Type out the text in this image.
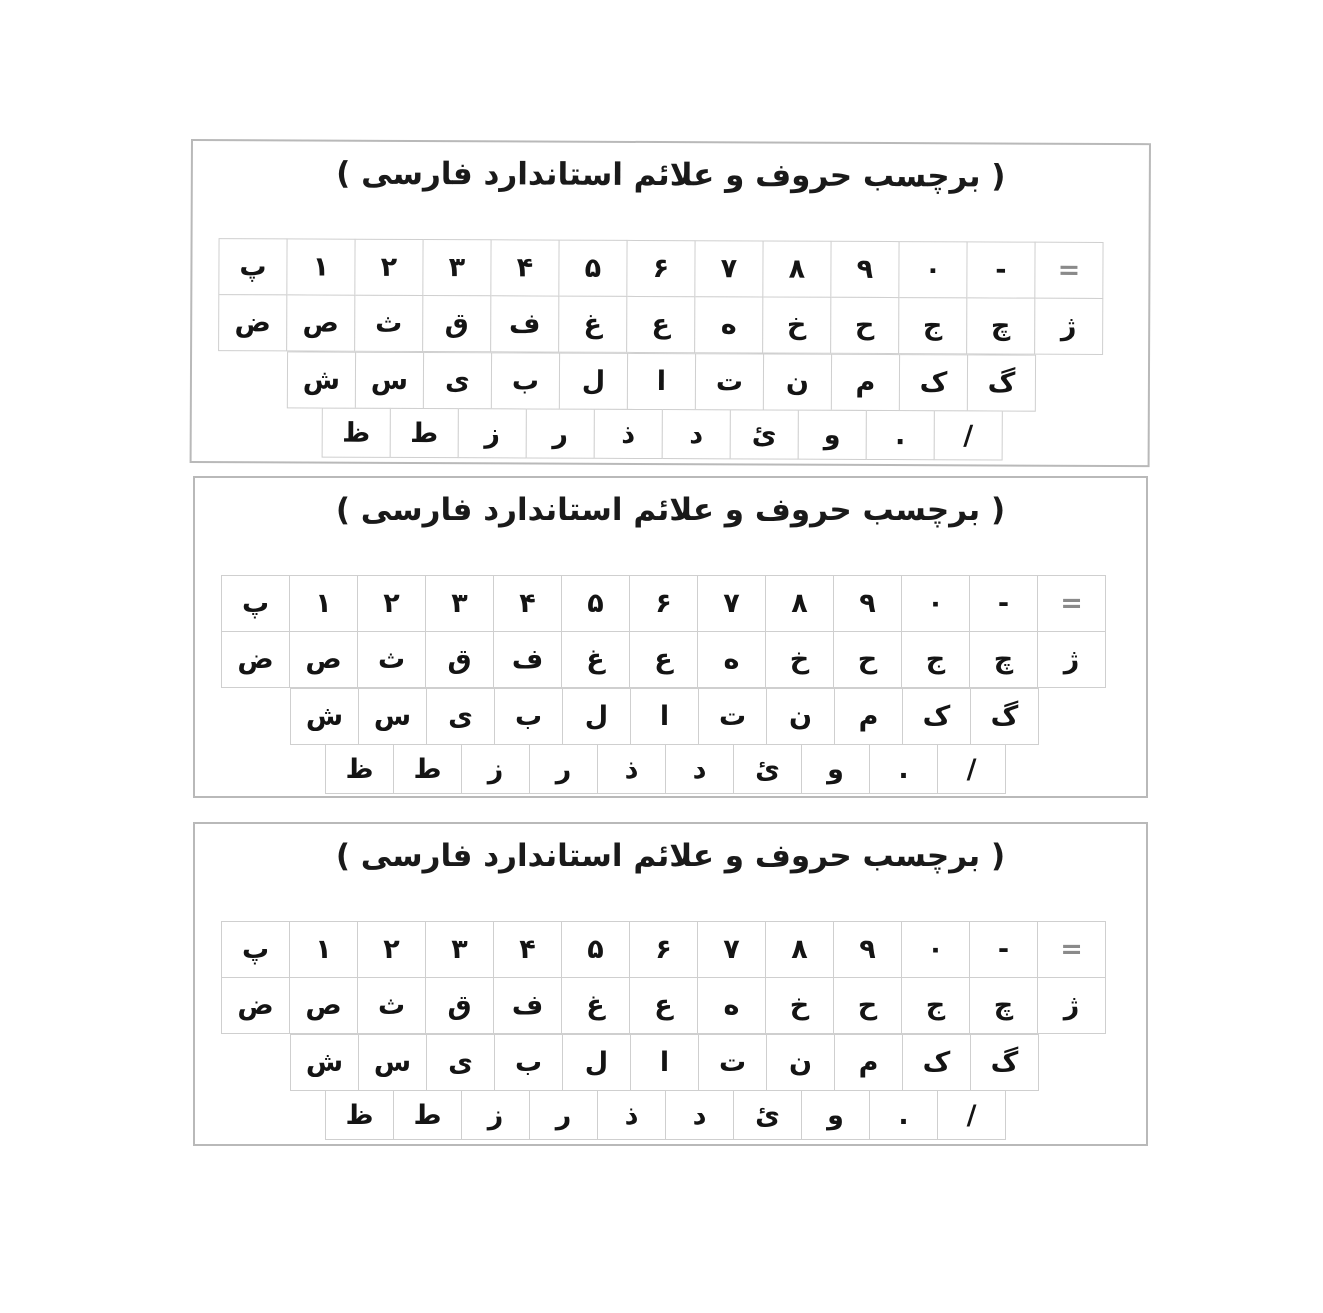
( برچسب حروف و علائم استاندارد فارسی )
=
-
۰
۹
۸
۷
۶
۵
۴
۳
۲
۱
پ
ژ
چ
ج
ح
خ
ه
ع
غ
ف
ق
ث
ص
ض
گ
ک
م
ن
ت
ا
ل
ب
ی
س
ش
/
.
و
ئ
د
ذ
ر
ز
ط
ظ
( برچسب حروف و علائم استاندارد فارسی )
=
-
۰
۹
۸
۷
۶
۵
۴
۳
۲
۱
پ
ژ
چ
ج
ح
خ
ه
ع
غ
ف
ق
ث
ص
ض
گ
ک
م
ن
ت
ا
ل
ب
ی
س
ش
/
.
و
ئ
د
ذ
ر
ز
ط
ظ
( برچسب حروف و علائم استاندارد فارسی )
=
-
۰
۹
۸
۷
۶
۵
۴
۳
۲
۱
پ
ژ
چ
ج
ح
خ
ه
ع
غ
ف
ق
ث
ص
ض
گ
ک
م
ن
ت
ا
ل
ب
ی
س
ش
/
.
و
ئ
د
ذ
ر
ز
ط
ظ
